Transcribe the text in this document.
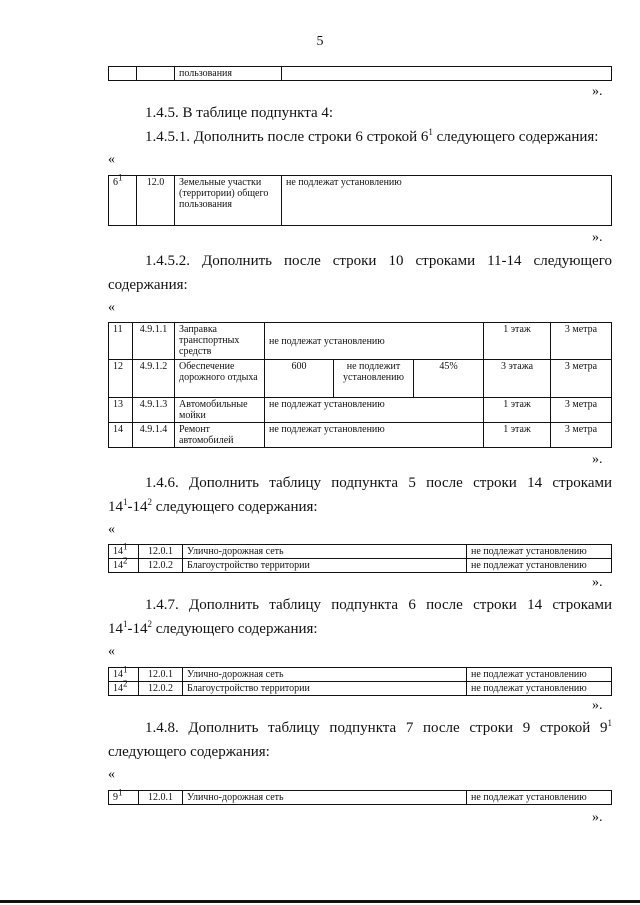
5
		пользования	
».
1.4.5. В таблице подпункта 4:
1.4.5.1. Дополнить после строки 6 строкой $6^1$ следующего содержания:
«
$6^1$	12.0	Земельные участки (территории) общего пользования	не подлежат установлению
».
1.4.5.2. Дополнить после строки 10 строками 11-14 следующего
содержания:
«
11	4.9.1.1	Заправка транспортных средств	не подлежат установлению			1 этаж	3 метра
12	4.9.1.2	Обеспечение дорожного отдыха	600	не подлежит установлению	45%	3 этажа	3 метра
13	4.9.1.3	Автомобильные мойки	не подлежат установлению			1 этаж	3 метра
14	4.9.1.4	Ремонт автомобилей	не подлежат установлению			1 этаж	3 метра
».
1.4.6. Дополнить таблицу подпункта 5 после строки 14 строками
$14^1-14^2$ следующего содержания:
«
$14^1$	12.0.1	Улично-дорожная сеть	не подлежат установлению
$14^2$	12.0.2	Благоустройство территории	не подлежат установлению
».
1.4.7. Дополнить таблицу подпункта 6 после строки 14 строками
$14^1-14^2$ следующего содержания:
«
$14^1$	12.0.1	Улично-дорожная сеть	не подлежат установлению
$14^2$	12.0.2	Благоустройство территории	не подлежат установлению
».
1.4.8. Дополнить таблицу подпункта 7 после строки 9 строкой $9^1$
следующего содержания:
«
$9^1$	12.0.1	Улично-дорожная сеть	не подлежат установлению
».
